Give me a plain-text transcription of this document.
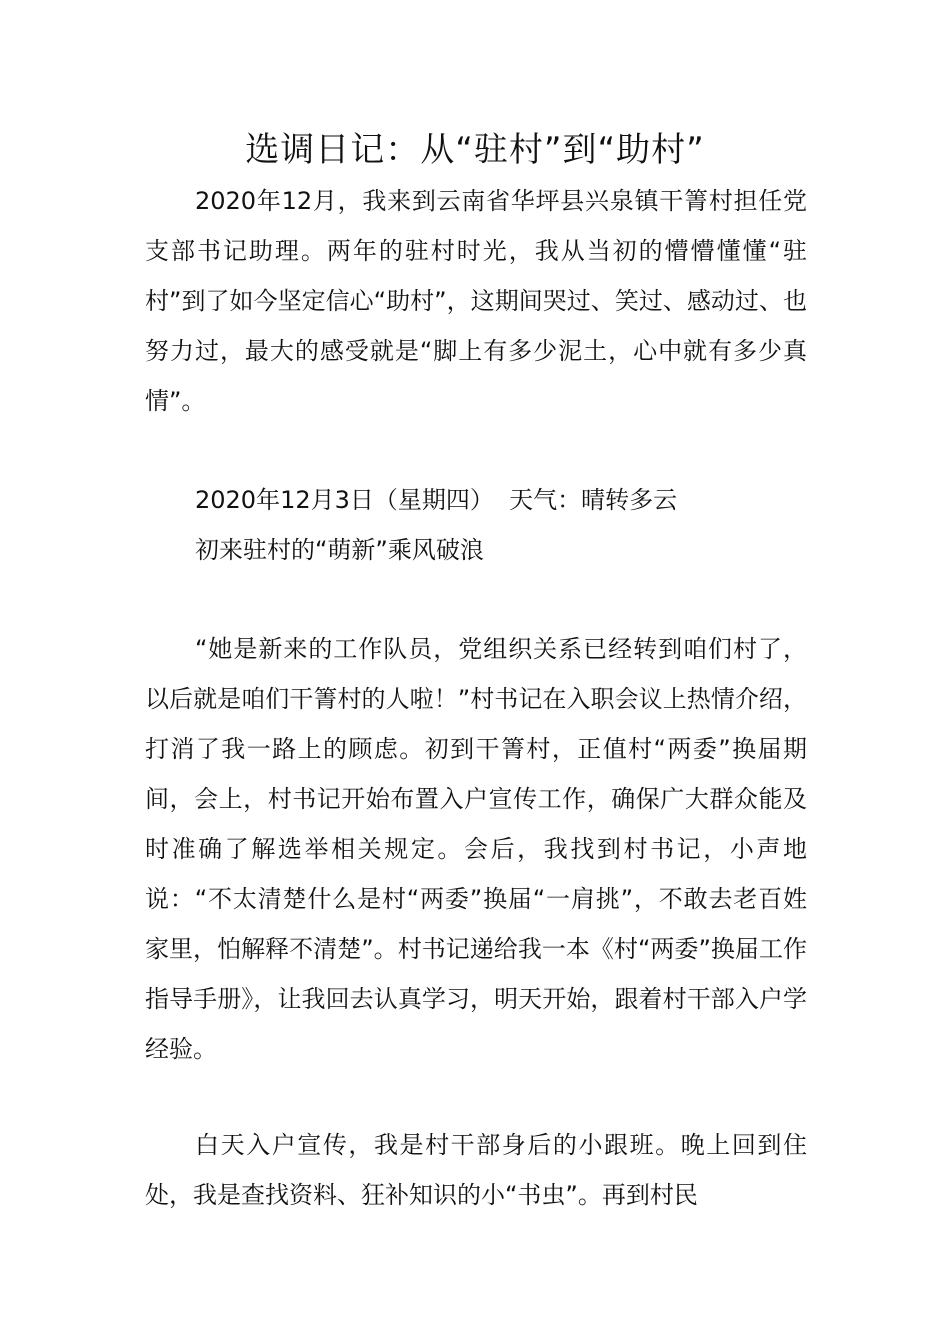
选调日记：从“驻村”到“助村”

2020年12月，我来到云南省华坪县兴泉镇干箐村担任党支部书记助理。两年的驻村时光，我从当初的懵懵懂懂“驻村”到了如今坚定信心“助村”，这期间哭过、笑过、感动过、也努力过，最大的感受就是“脚上有多少泥土，心中就有多少真情”。

2020年12月3日（星期四）  天气：晴转多云

初来驻村的“萌新”乘风破浪

“她是新来的工作队员，党组织关系已经转到咱们村了，以后就是咱们干箐村的人啦！”村书记在入职会议上热情介绍，打消了我一路上的顾虑。初到干箐村，正值村“两委”换届期间，会上，村书记开始布置入户宣传工作，确保广大群众能及时准确了解选举相关规定。会后，我找到村书记，小声地说：“不太清楚什么是村“两委”换届“一肩挑”，不敢去老百姓家里，怕解释不清楚”。村书记递给我一本《村“两委”换届工作指导手册》，让我回去认真学习，明天开始，跟着村干部入户学经验。

白天入户宣传，我是村干部身后的小跟班。晚上回到住处，我是查找资料、狂补知识的小“书虫”。再到村民
